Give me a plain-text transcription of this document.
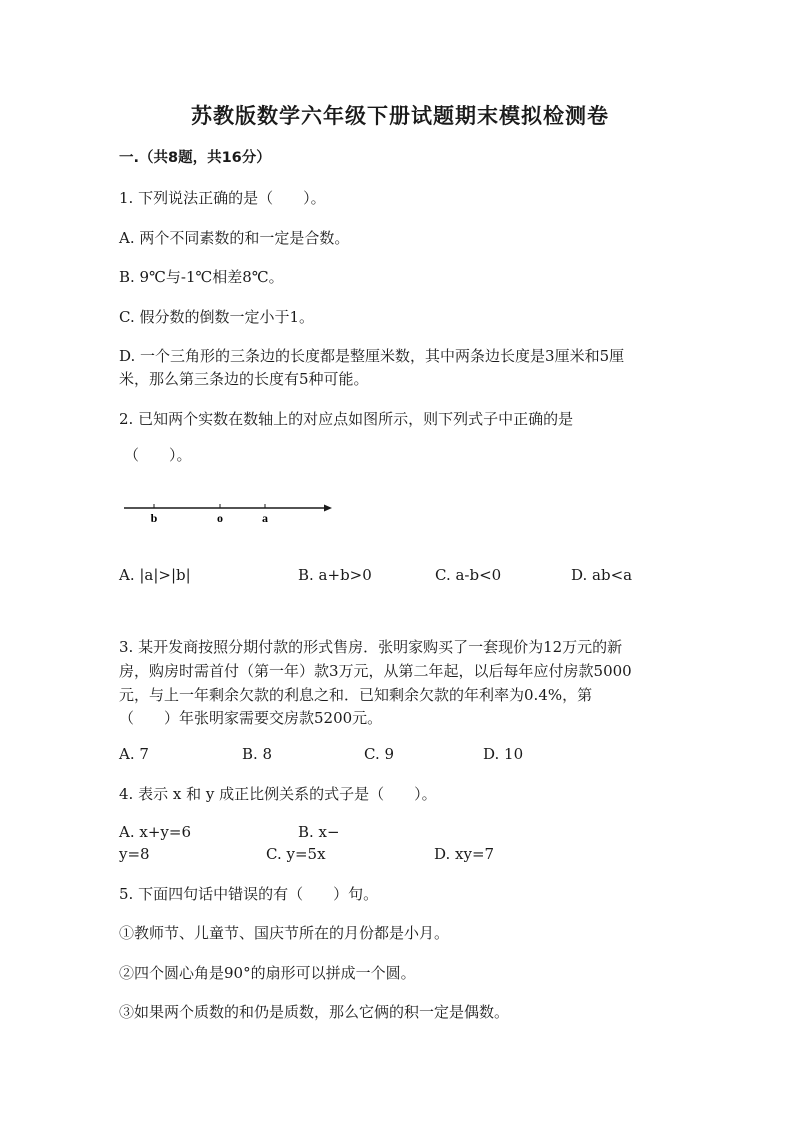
苏教版数学六年级下册试题期末模拟检测卷
一.（共8题，共16分）
1. 下列说法正确的是（　　）。
A. 两个不同素数的和一定是合数。
B. 9℃与-1℃相差8℃。
C. 假分数的倒数一定小于1。
D. 一个三角形的三条边的长度都是整厘米数，其中两条边长度是3厘米和5厘
米，那么第三条边的长度有5种可能。
2. 已知两个实数在数轴上的对应点如图所示，则下列式子中正确的是
（　　）。
b	o	a
A. |a|>|b|	B. a+b>0	C. a-b<0	D. ab<a
3. 某开发商按照分期付款的形式售房．张明家购买了一套现价为12万元的新
房，购房时需首付（第一年）款3万元，从第二年起，以后每年应付房款5000
元，与上一年剩余欠款的利息之和．已知剩余欠款的年利率为0.4%，第
（　　）年张明家需要交房款5200元。
A. 7	B. 8	C. 9	D. 10
4. 表示 x 和 y 成正比例关系的式子是（　　）。
A. x+y=6	B. x−
y=8	C. y=5x	D. xy=7
5. 下面四句话中错误的有（　　）句。
①教师节、儿童节、国庆节所在的月份都是小月。
②四个圆心角是90°的扇形可以拼成一个圆。
③如果两个质数的和仍是质数，那么它俩的积一定是偶数。
